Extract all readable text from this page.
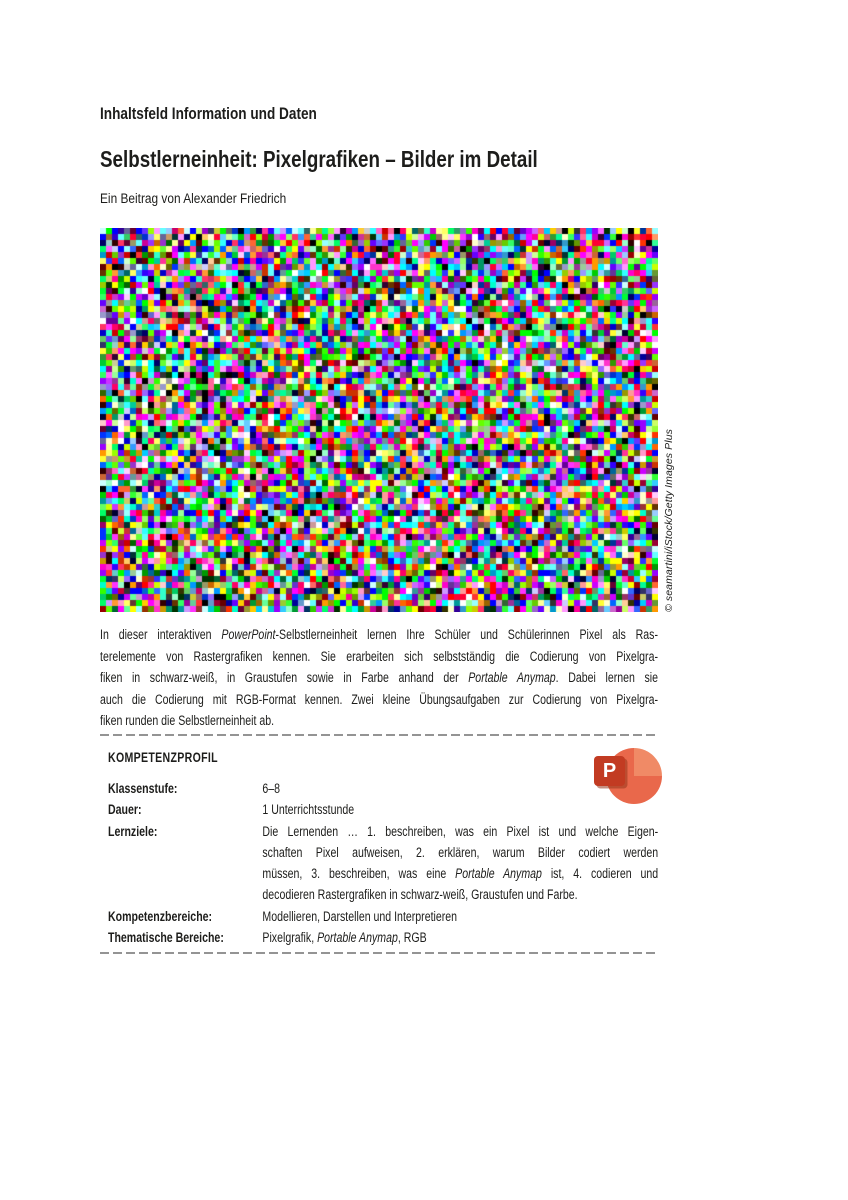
Inhaltsfeld Information und Daten
Selbstlerneinheit: Pixelgrafiken – Bilder im Detail
Ein Beitrag von Alexander Friedrich
© seamartini/iStock/Getty Images Plus
In dieser interaktiven PowerPoint-Selbstlerneinheit lernen Ihre Schüler und Schülerinnen Pixel als Ras-
terelemente von Rastergrafiken kennen. Sie erarbeiten sich selbstständig die Codierung von Pixelgra-
fiken in schwarz-weiß, in Graustufen sowie in Farbe anhand der Portable Anymap. Dabei lernen sie
auch die Codierung mit RGB-Format kennen. Zwei kleine Übungsaufgaben zur Codierung von Pixelgra-
fiken runden die Selbstlerneinheit ab.
KOMPETENZPROFIL
Klassenstufe:	6–8
Dauer:	1 Unterrichtsstunde
Lernziele:	Die Lernenden … 1. beschreiben, was ein Pixel ist und welche Eigen-
schaften Pixel aufweisen, 2. erklären, warum Bilder codiert werden
müssen, 3. beschreiben, was eine Portable Anymap ist, 4. codieren und
decodieren Rastergrafiken in schwarz-weiß, Graustufen und Farbe.
Kompetenzbereiche:	Modellieren, Darstellen und Interpretieren
Thematische Bereiche:	Pixelgrafik, Portable Anymap, RGB
P
